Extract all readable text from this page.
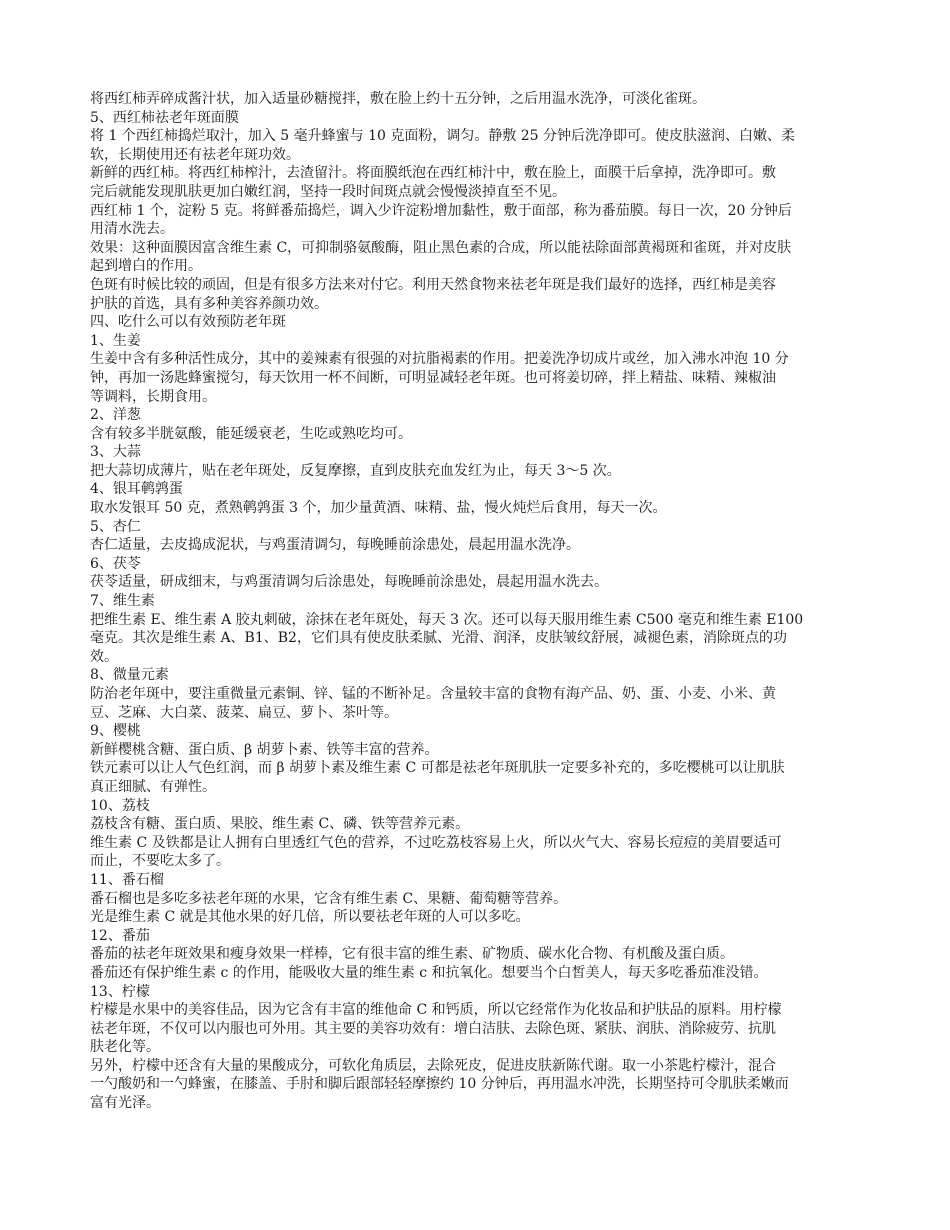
将西红柿弄碎成酱汁状，加入适量砂糖搅拌，敷在脸上约十五分钟，之后用温水洗净，可淡化雀斑。

5、西红柿祛老年斑面膜

将 1 个西红柿捣烂取汁，加入 5 毫升蜂蜜与 10 克面粉，调匀。静敷 25 分钟后洗净即可。使皮肤滋润、白嫩、柔

软，长期使用还有祛老年斑功效。

新鲜的西红柿。将西红柿榨汁，去渣留汁。将面膜纸泡在西红柿汁中，敷在脸上，面膜干后拿掉，洗净即可。敷

完后就能发现肌肤更加白嫩红润，坚持一段时间斑点就会慢慢淡掉直至不见。

西红柿 1 个，淀粉 5 克。将鲜番茄捣烂，调入少许淀粉增加黏性，敷于面部，称为番茄膜。每日一次，20 分钟后

用清水洗去。

效果：这种面膜因富含维生素 C，可抑制骆氨酸酶，阻止黑色素的合成，所以能祛除面部黄褐斑和雀斑，并对皮肤

起到增白的作用。

色斑有时候比较的顽固，但是有很多方法来对付它。利用天然食物来祛老年斑是我们最好的选择，西红柿是美容

护肤的首选，具有多种美容养颜功效。

四、吃什么可以有效预防老年斑

1、生姜

生姜中含有多种活性成分，其中的姜辣素有很强的对抗脂褐素的作用。把姜洗净切成片或丝，加入沸水冲泡 10 分

钟，再加一汤匙蜂蜜搅匀，每天饮用一杯不间断，可明显减轻老年斑。也可将姜切碎，拌上精盐、味精、辣椒油

等调料，长期食用。

2、洋葱

含有较多半胱氨酸，能延缓衰老，生吃或熟吃均可。

3、大蒜

把大蒜切成薄片，贴在老年斑处，反复摩擦，直到皮肤充血发红为止，每天 3～5 次。

4、银耳鹌鹑蛋

取水发银耳 50 克，煮熟鹌鹑蛋 3 个，加少量黄酒、味精、盐，慢火炖烂后食用，每天一次。

5、杏仁

杏仁适量，去皮捣成泥状，与鸡蛋清调匀，每晚睡前涂患处，晨起用温水洗净。

6、茯苓

茯苓适量，研成细末，与鸡蛋清调匀后涂患处，每晚睡前涂患处，晨起用温水洗去。

7、维生素

把维生素 E、维生素 A 胶丸刺破，涂抹在老年斑处，每天 3 次。还可以每天服用维生素 C500 毫克和维生素 E100

毫克。其次是维生素 A、B1、B2，它们具有使皮肤柔腻、光滑、润泽，皮肤皱纹舒展，减褪色素，消除斑点的功

效。

8、微量元素

防治老年斑中，要注重微量元素铜、锌、锰的不断补足。含量较丰富的食物有海产品、奶、蛋、小麦、小米、黄

豆、芝麻、大白菜、菠菜、扁豆、萝卜、茶叶等。

9、樱桃

新鲜樱桃含糖、蛋白质、β 胡萝卜素、铁等丰富的营养。

铁元素可以让人气色红润，而 β 胡萝卜素及维生素 C 可都是祛老年斑肌肤一定要多补充的，多吃樱桃可以让肌肤

真正细腻、有弹性。

10、荔枝

荔枝含有糖、蛋白质、果胶、维生素 C、磷、铁等营养元素。

维生素 C 及铁都是让人拥有白里透红气色的营养，不过吃荔枝容易上火，所以火气大、容易长痘痘的美眉要适可

而止，不要吃太多了。

11、番石榴

番石榴也是多吃多祛老年斑的水果，它含有维生素 C、果糖、葡萄糖等营养。

光是维生素 C 就是其他水果的好几倍，所以要祛老年斑的人可以多吃。

12、番茄

番茄的祛老年斑效果和瘦身效果一样棒，它有很丰富的维生素、矿物质、碳水化合物、有机酸及蛋白质。

番茄还有保护维生素 c 的作用，能吸收大量的维生素 c 和抗氧化。想要当个白皙美人，每天多吃番茄准没错。

13、柠檬

柠檬是水果中的美容佳品，因为它含有丰富的维他命 C 和钙质，所以它经常作为化妆品和护肤品的原料。用柠檬

祛老年斑，不仅可以内服也可外用。其主要的美容功效有：增白洁肤、去除色斑、紧肤、润肤、消除疲劳、抗肌

肤老化等。

另外，柠檬中还含有大量的果酸成分，可软化角质层，去除死皮，促进皮肤新陈代谢。取一小茶匙柠檬汁，混合

一勺酸奶和一勺蜂蜜，在膝盖、手肘和脚后跟部轻轻摩擦约 10 分钟后，再用温水冲洗，长期坚持可令肌肤柔嫩而

富有光泽。
